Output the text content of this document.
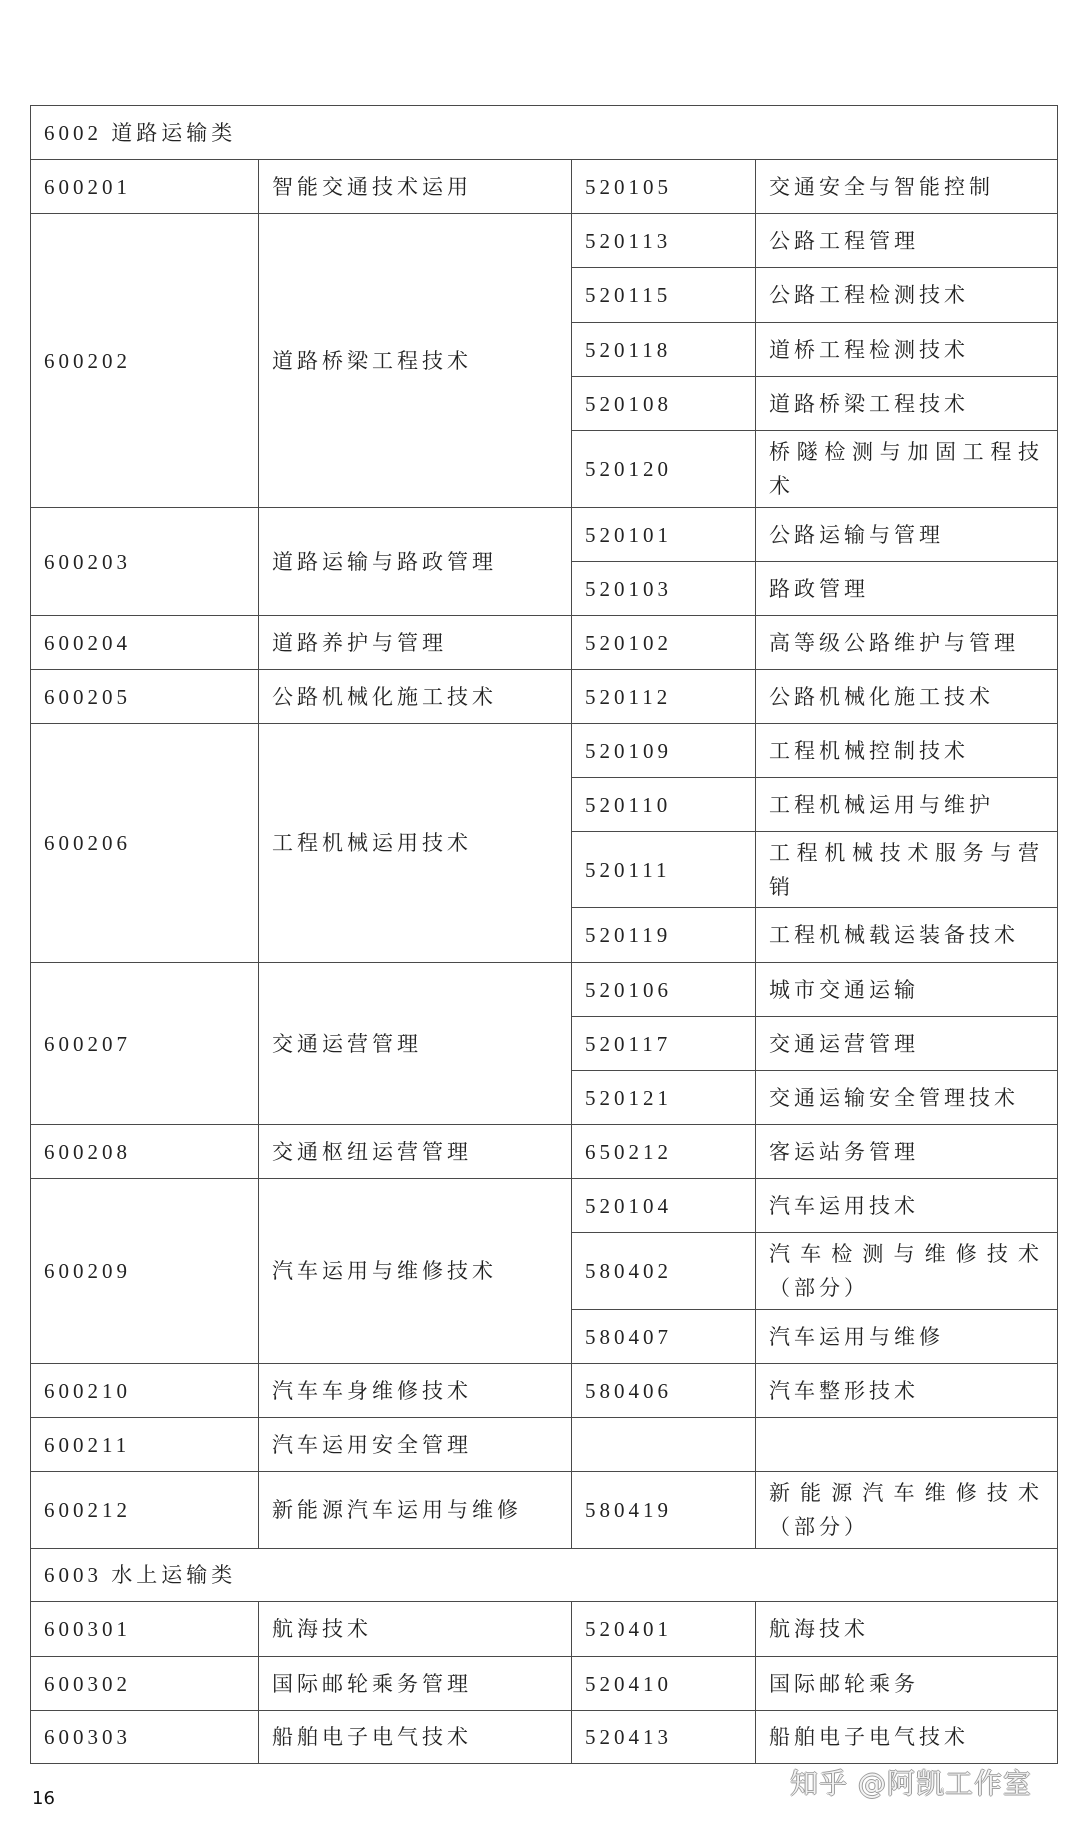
6002 道路运输类			
600201	智能交通技术运用	520105	交通安全与智能控制
600202	道路桥梁工程技术	520113	公路工程管理
		520115	公路工程检测技术
		520118	道桥工程检测技术
		520108	道路桥梁工程技术
		520120	桥隧检测与加固工程技术
600203	道路运输与路政管理	520101	公路运输与管理
		520103	路政管理
600204	道路养护与管理	520102	高等级公路维护与管理
600205	公路机械化施工技术	520112	公路机械化施工技术
600206	工程机械运用技术	520109	工程机械控制技术
		520110	工程机械运用与维护
		520111	工程机械技术服务与营销
		520119	工程机械载运装备技术
600207	交通运营管理	520106	城市交通运输
		520117	交通运营管理
		520121	交通运输安全管理技术
600208	交通枢纽运营管理	650212	客运站务管理
600209	汽车运用与维修技术	520104	汽车运用技术
		580402	汽车检测与维修技术（部分）
		580407	汽车运用与维修
600210	汽车车身维修技术	580406	汽车整形技术
600211	汽车运用安全管理		
600212	新能源汽车运用与维修	580419	新能源汽车维修技术（部分）
6003 水上运输类			
600301	航海技术	520401	航海技术
600302	国际邮轮乘务管理	520410	国际邮轮乘务
600303	船舶电子电气技术	520413	船舶电子电气技术
16	知乎 @阿凯工作室
